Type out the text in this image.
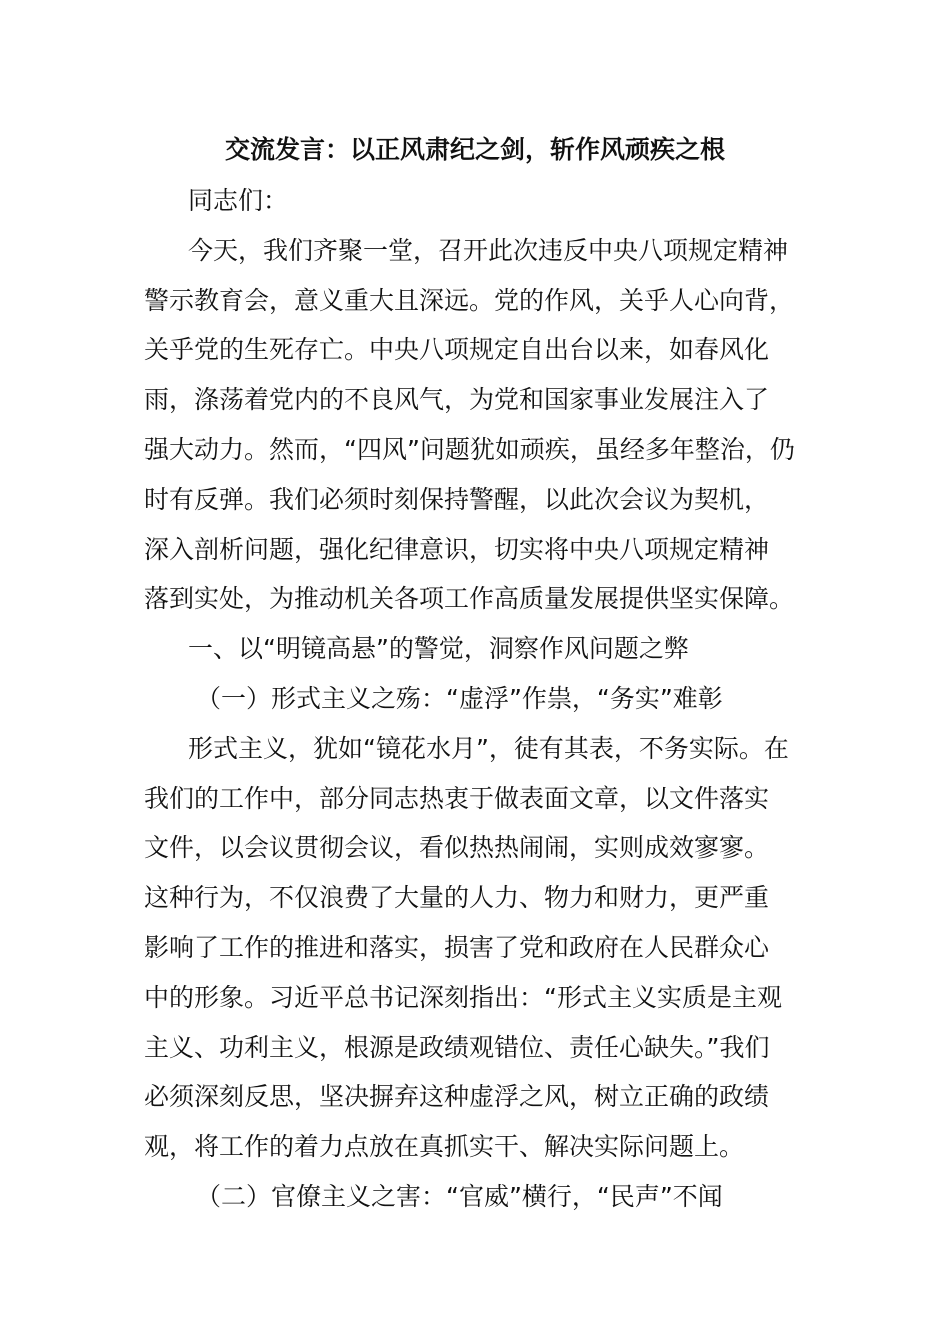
交流发言：以正风肃纪之剑，斩作风顽疾之根
同志们：
今天，我们齐聚一堂，召开此次违反中央八项规定精神
警示教育会，意义重大且深远。党的作风，关乎人心向背，
关乎党的生死存亡。中央八项规定自出台以来，如春风化
雨，涤荡着党内的不良风气，为党和国家事业发展注入了
强大动力。然而，“四风”问题犹如顽疾，虽经多年整治，仍
时有反弹。我们必须时刻保持警醒，以此次会议为契机，
深入剖析问题，强化纪律意识，切实将中央八项规定精神
落到实处，为推动机关各项工作高质量发展提供坚实保障。
一、以“明镜高悬”的警觉，洞察作风问题之弊
（一）形式主义之殇：“虚浮”作祟，“务实”难彰
形式主义，犹如“镜花水月”，徒有其表，不务实际。在
我们的工作中，部分同志热衷于做表面文章，以文件落实
文件，以会议贯彻会议，看似热热闹闹，实则成效寥寥。
这种行为，不仅浪费了大量的人力、物力和财力，更严重
影响了工作的推进和落实，损害了党和政府在人民群众心
中的形象。习近平总书记深刻指出：“形式主义实质是主观
主义、功利主义，根源是政绩观错位、责任心缺失。”我们
必须深刻反思，坚决摒弃这种虚浮之风，树立正确的政绩
观，将工作的着力点放在真抓实干、解决实际问题上。
（二）官僚主义之害：“官威”横行，“民声”不闻
